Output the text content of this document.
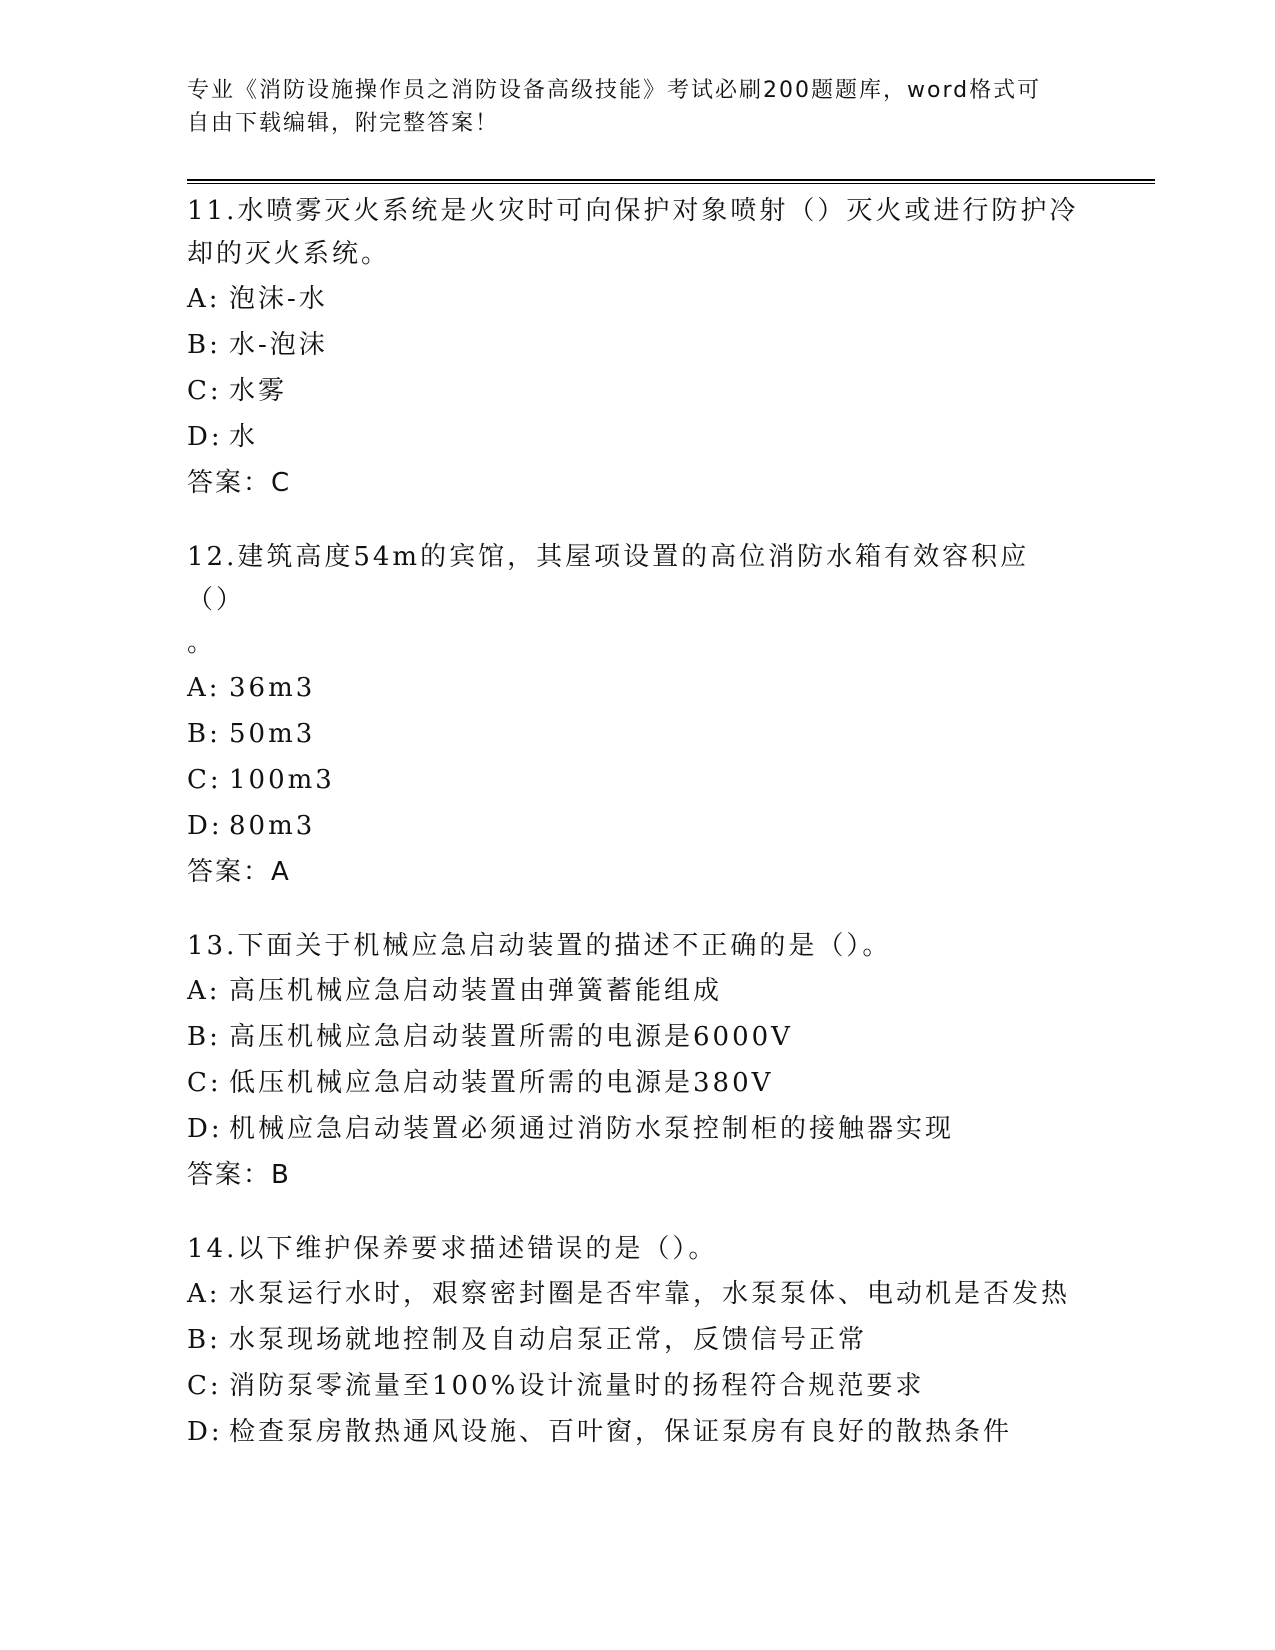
专业《消防设施操作员之消防设备高级技能》考试必刷200题题库，word格式可
自由下载编辑，附完整答案！

11.水喷雾灭火系统是火灾时可向保护对象喷射（）灭火或进行防护冷
却的灭火系统。

A: 泡沫-水

B: 水-泡沫

C: 水雾

D: 水

答案：C

12.建筑高度54m的宾馆，其屋项设置的高位消防水箱有效容积应（）
。

A: 36m3

B: 50m3

C: 100m3

D: 80m3

答案：A

13.下面关于机械应急启动装置的描述不正确的是（）。

A: 高压机械应急启动装置由弹簧蓄能组成

B: 高压机械应急启动装置所需的电源是6000V

C: 低压机械应急启动装置所需的电源是380V

D: 机械应急启动装置必须通过消防水泵控制柜的接触器实现

答案：B

14.以下维护保养要求描述错误的是（）。

A: 水泵运行水时，艰察密封圈是否牢靠，水泵泵体、电动机是否发热

B: 水泵现场就地控制及自动启泵正常，反馈信号正常

C: 消防泵零流量至100%设计流量时的扬程符合规范要求

D: 检查泵房散热通风设施、百叶窗，保证泵房有良好的散热条件
